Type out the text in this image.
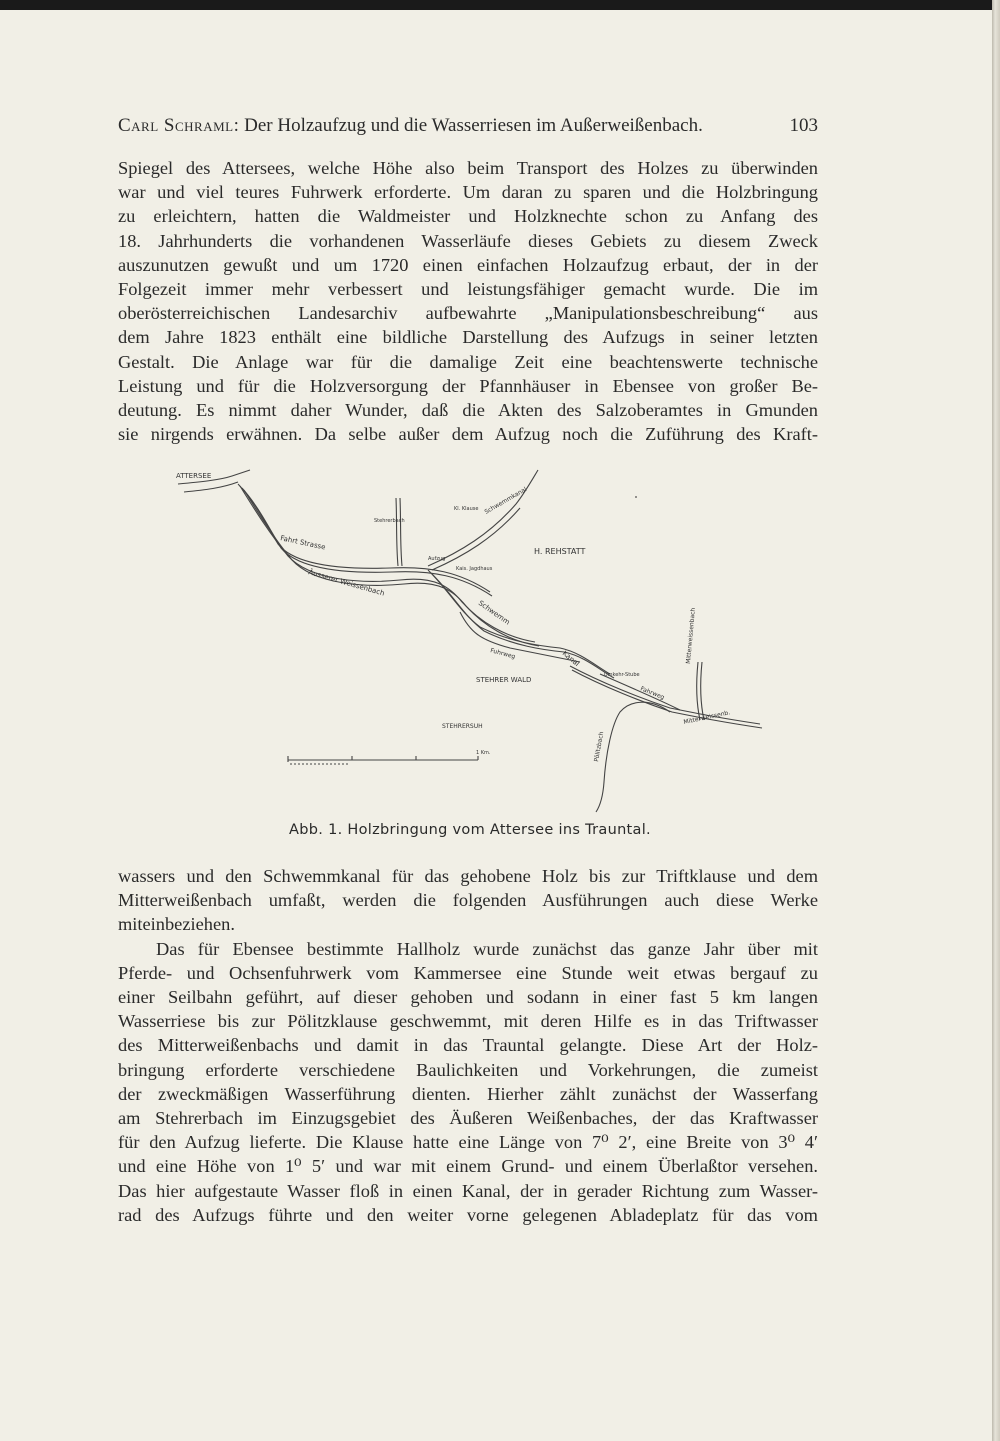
Carl Schraml: Der Holzaufzug und die Wasserriesen im Außerweißenbach.	103
Spiegel des Attersees, welche Höhe also beim Transport des Holzes zu überwinden
war und viel teures Fuhrwerk erforderte. Um daran zu sparen und die Holzbringung
zu erleichtern, hatten die Waldmeister und Holzknechte schon zu Anfang des
18. Jahrhunderts die vorhandenen Wasserläufe dieses Gebiets zu diesem Zweck
auszunutzen gewußt und um 1720 einen einfachen Holzaufzug erbaut, der in der
Folgezeit immer mehr verbessert und leistungsfähiger gemacht wurde. Die im
oberösterreichischen Landesarchiv aufbewahrte „Manipulationsbeschreibung“ aus
dem Jahre 1823 enthält eine bildliche Darstellung des Aufzugs in seiner letzten
Gestalt. Die Anlage war für die damalige Zeit eine beachtenswerte technische
Leistung und für die Holzversorgung der Pfannhäuser in Ebensee von großer Be-
deutung. Es nimmt daher Wunder, daß die Akten des Salzoberamtes in Gmunden
sie nirgends erwähnen. Da selbe außer dem Aufzug noch die Zuführung des Kraft-
ATTERSEE
Stehrerbach
Fahrt Strasse
Äusserer Weissenbach
Aufzug
Kais. Jagdhaus
Kl. Klause Schwemmkanal
H. REHSTATT
Schwemm
Fuhrweg	Kanal
Umkehr-Stube
Fahrweg
STEHRER WALD
STEHRERSUH
Mitterweissenbach
Mitterweissenb.
Pölitzbach
1 Km.
Abb. 1. Holzbringung vom Attersee ins Trauntal.
wassers und den Schwemmkanal für das gehobene Holz bis zur Triftklause und dem
Mitterweißenbach umfaßt, werden die folgenden Ausführungen auch diese Werke
miteinbeziehen.
Das für Ebensee bestimmte Hallholz wurde zunächst das ganze Jahr über mit
Pferde- und Ochsenfuhrwerk vom Kammersee eine Stunde weit etwas bergauf zu
einer Seilbahn geführt, auf dieser gehoben und sodann in einer fast 5 km langen
Wasserriese bis zur Pölitzklause geschwemmt, mit deren Hilfe es in das Triftwasser
des Mitterweißenbachs und damit in das Trauntal gelangte. Diese Art der Holz-
bringung erforderte verschiedene Baulichkeiten und Vorkehrungen, die zumeist
der zweckmäßigen Wasserführung dienten. Hierher zählt zunächst der Wasserfang
am Stehrerbach im Einzugsgebiet des Äußeren Weißenbaches, der das Kraftwasser
für den Aufzug lieferte. Die Klause hatte eine Länge von 7⁰ 2′, eine Breite von 3⁰ 4′
und eine Höhe von 1⁰ 5′ und war mit einem Grund- und einem Überlaßtor versehen.
Das hier aufgestaute Wasser floß in einen Kanal, der in gerader Richtung zum Wasser-
rad des Aufzugs führte und den weiter vorne gelegenen Abladeplatz für das vom
